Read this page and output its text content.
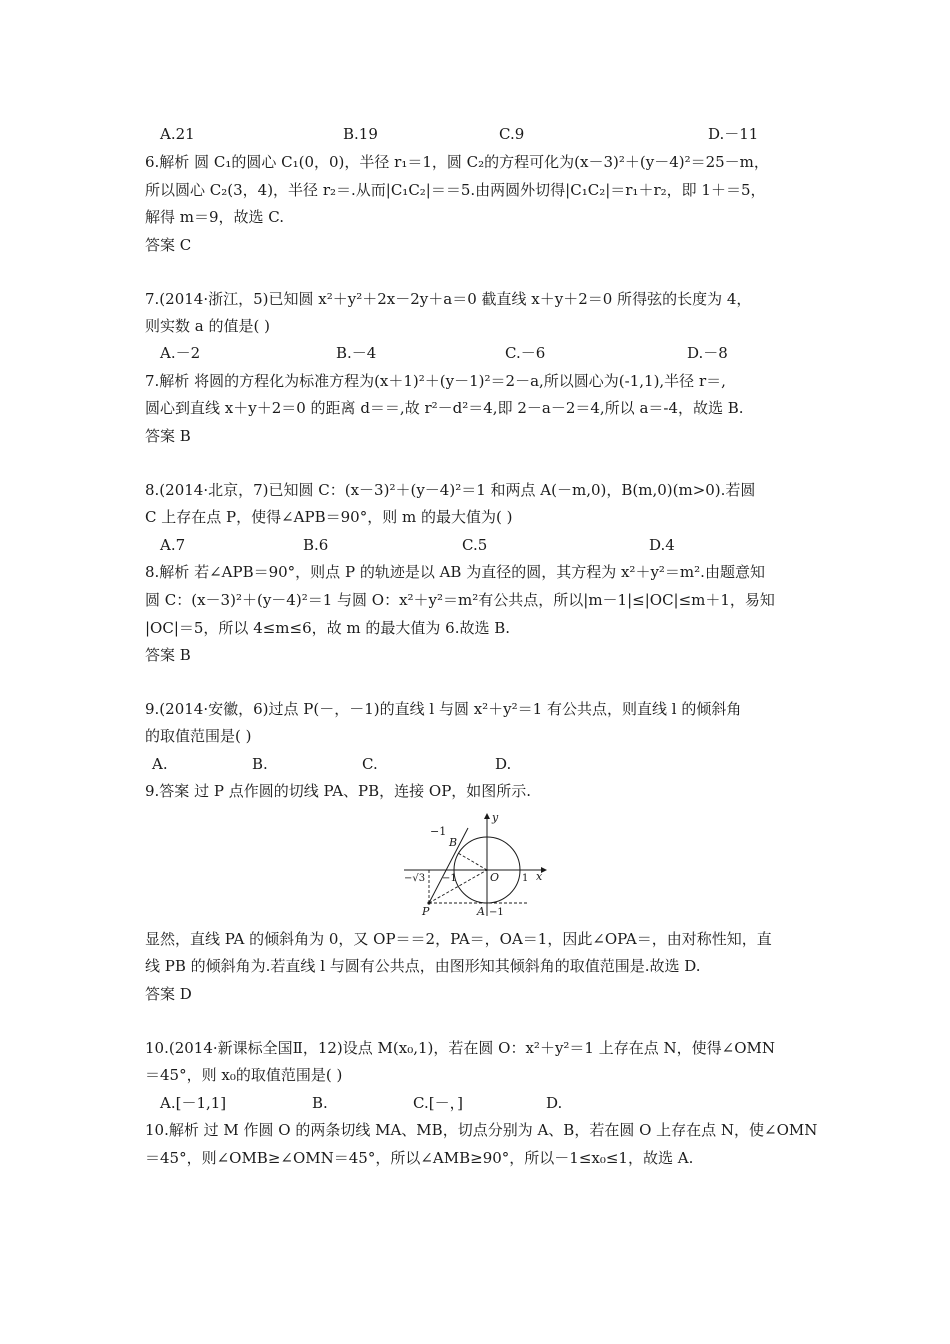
A.21	B.19	C.9	D.－11
6.解析 圆 C₁的圆心 C₁(0，0)，半径 r₁＝1，圆 C₂的方程可化为(x－3)²＋(y－4)²＝25－m，
所以圆心 C₂(3，4)，半径 r₂＝.从而|C₁C₂|＝＝5.由两圆外切得|C₁C₂|＝r₁＋r₂，即 1＋＝5，
解得 m＝9，故选 C.
答案 C
7.(2014·浙江，5)已知圆 x²＋y²＋2x－2y＋a＝0 截直线 x＋y＋2＝0 所得弦的长度为 4，
则实数 a 的值是( )
A.－2	B.－4	C.－6	D.－8
7.解析 将圆的方程化为标准方程为(x＋1)²＋(y－1)²＝2－a,所以圆心为(-1,1),半径 r＝,
圆心到直线 x＋y＋2＝0 的距离 d＝＝,故 r²－d²＝4,即 2－a－2＝4,所以 a＝-4，故选 B.
答案 B
8.(2014·北京，7)已知圆 C：(x－3)²＋(y－4)²＝1 和两点 A(－m,0)，B(m,0)(m>0).若圆
C 上存在点 P，使得∠APB＝90°，则 m 的最大值为( )
A.7	B.6	C.5	D.4
8.解析 若∠APB＝90°，则点 P 的轨迹是以 AB 为直径的圆，其方程为 x²＋y²＝m².由题意知
圆 C：(x－3)²＋(y－4)²＝1 与圆 O：x²＋y²＝m²有公共点，所以|m－1|≤|OC|≤m＋1，易知
|OC|＝5，所以 4≤m≤6，故 m 的最大值为 6.故选 B.
答案 B
9.(2014·安徽，6)过点 P(－，－1)的直线 l 与圆 x²＋y²＝1 有公共点，则直线 l 的倾斜角
的取值范围是( )
A.	B.	C.	D.
9.答案 过 P 点作圆的切线 PA、PB，连接 OP，如图所示.
−1
B
y
−√3 −1	O 1 x
P	A −1
显然，直线 PA 的倾斜角为 0，又 OP＝＝2，PA＝，OA＝1，因此∠OPA＝，由对称性知，直
线 PB 的倾斜角为.若直线 l 与圆有公共点，由图形知其倾斜角的取值范围是.故选 D.
答案 D
10.(2014·新课标全国Ⅱ，12)设点 M(x₀,1)，若在圆 O：x²＋y²＝1 上存在点 N，使得∠OMN
＝45°，则 x₀的取值范围是( )
A.[－1,1]	B.	C.[－，]	D.
10.解析 过 M 作圆 O 的两条切线 MA、MB，切点分别为 A、B，若在圆 O 上存在点 N，使∠OMN
＝45°，则∠OMB≥∠OMN＝45°，所以∠AMB≥90°，所以－1≤x₀≤1，故选 A.
